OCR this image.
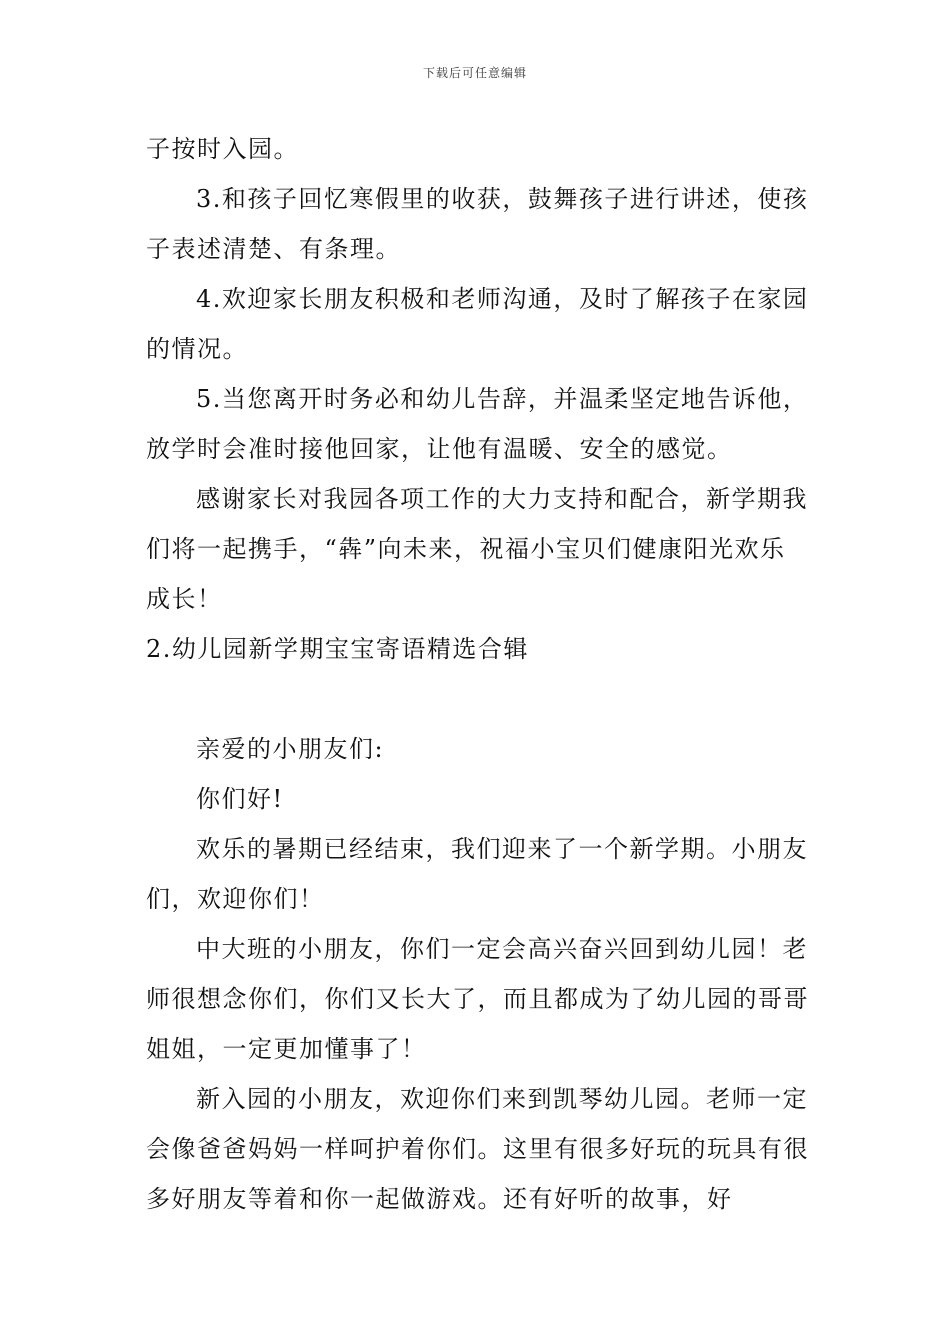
下载后可任意编辑

子按时入园。

3.和孩子回忆寒假里的收获，鼓舞孩子进行讲述，使孩子表述清楚、有条理。

4.欢迎家长朋友积极和老师沟通，及时了解孩子在家园的情况。

5.当您离开时务必和幼儿告辞，并温柔坚定地告诉他，放学时会准时接他回家，让他有温暖、安全的感觉。

感谢家长对我园各项工作的大力支持和配合，新学期我们将一起携手，“犇”向未来，祝福小宝贝们健康阳光欢乐成长！

2.幼儿园新学期宝宝寄语精选合辑

亲爱的小朋友们:

你们好!

欢乐的暑期已经结束，我们迎来了一个新学期。小朋友们，欢迎你们！

中大班的小朋友，你们一定会高兴奋兴回到幼儿园！老师很想念你们，你们又长大了，而且都成为了幼儿园的哥哥姐姐，一定更加懂事了！

新入园的小朋友，欢迎你们来到凯琴幼儿园。老师一定会像爸爸妈妈一样呵护着你们。这里有很多好玩的玩具有很多好朋友等着和你一起做游戏。还有好听的故事，好
